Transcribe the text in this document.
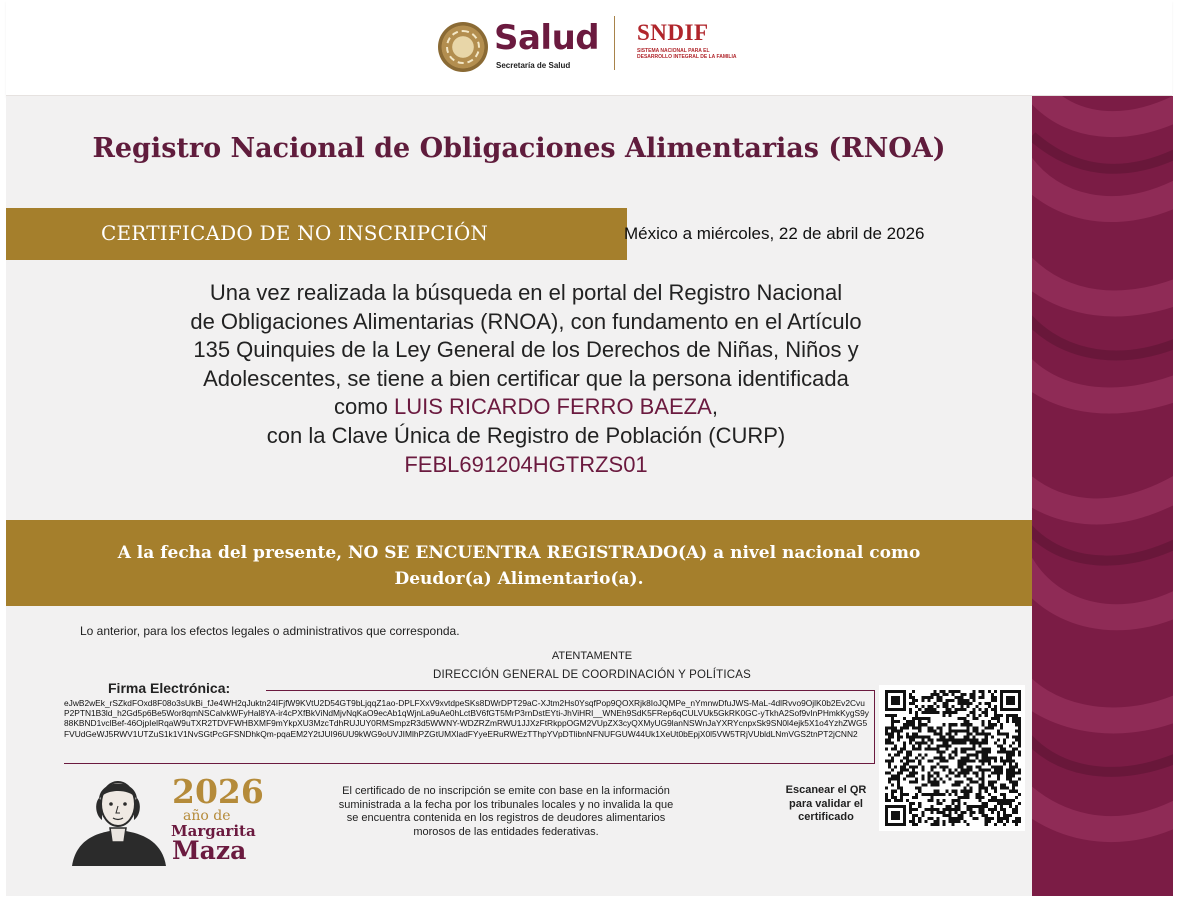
Salud
Secretaría de Salud
SNDIF
SISTEMA NACIONAL PARA EL DESARROLLO INTEGRAL DE LA FAMILIA
Registro Nacional de Obligaciones Alimentarias (RNOA)
CERTIFICADO DE NO INSCRIPCIÓN	México a miércoles, 22 de abril de 2026
Una vez realizada la búsqueda en el portal del Registro Nacional
de Obligaciones Alimentarias (RNOA), con fundamento en el Artículo
135 Quinquies de la Ley General de los Derechos de Niñas, Niños y
Adolescentes, se tiene a bien certificar que la persona identificada
como LUIS RICARDO FERRO BAEZA,
con la Clave Única de Registro de Población (CURP)
FEBL691204HGTRZS01
A la fecha del presente, NO SE ENCUENTRA REGISTRADO(A) a nivel nacional como
Deudor(a) Alimentario(a).
Lo anterior, para los efectos legales o administrativos que corresponda.
ATENTAMENTE
DIRECCIÓN GENERAL DE COORDINACIÓN Y POLÍTICAS
Firma Electrónica:
eJwB2wEk_rSZkdFOxd8F08o3sUkBi_fJe4WH2qJuktn24IFjfW9KVtU2D54GT9bLjqqZ1ao-DPLFXxV9xvtdpeSKs8DWrDPT29aC-XJtm2Hs0YsqfPop9QOXRjk8IoJQMPe_nYmnwDfuJWS-MaL-4dlRvvo9OjlK0b2Ev2CvuP2PTN1B3ld_h2Gd5p6Be5Wor8qmNSCalvkWFyHal8YA-ir4cPXfBkViNdMjvNqKaO9ecAb1qWjnLa9uAe0hLctBV6fGT5MrP3rnDstEYti-JhViHRl__WNEh9SdK5FRep6qCULVUk5GkRK0GC-yTkhA2Sof9vInPHmkKygS9y88KBND1vclBef-46OjpIelRqaW9uTXR2TDVFWHBXMF9mYkpXU3MzcTdhRUJUY0RMSmpzR3d5WWNY-WDZRZmRWU1JJXzFtRkppOGM2VUpZX3cyQXMyUG9lanNSWnJaYXRYcnpxSk9SN0l4ejk5X1o4YzhZWG5FVUdGeWJ5RWV1UTZuS1k1V1NvSGtPcGFSNDhkQm-pqaEM2Y2tJUI96UU9kWG9oUVJIMlhPZGtUMXladFYyeERuRWEzTThpYVpDTlibnNFNUFGUW44Uk1XeUt0bEpjX0l5VW5TRjVUbldLNmVGS2tnPT2jCNN2
Escanear el QR para validar el certificado
2026
año de
Margarita
Maza
El certificado de no inscripción se emite con base en la información
suministrada a la fecha por los tribunales locales y no invalida la que
se encuentra contenida en los registros de deudores alimentarios
morosos de las entidades federativas.
